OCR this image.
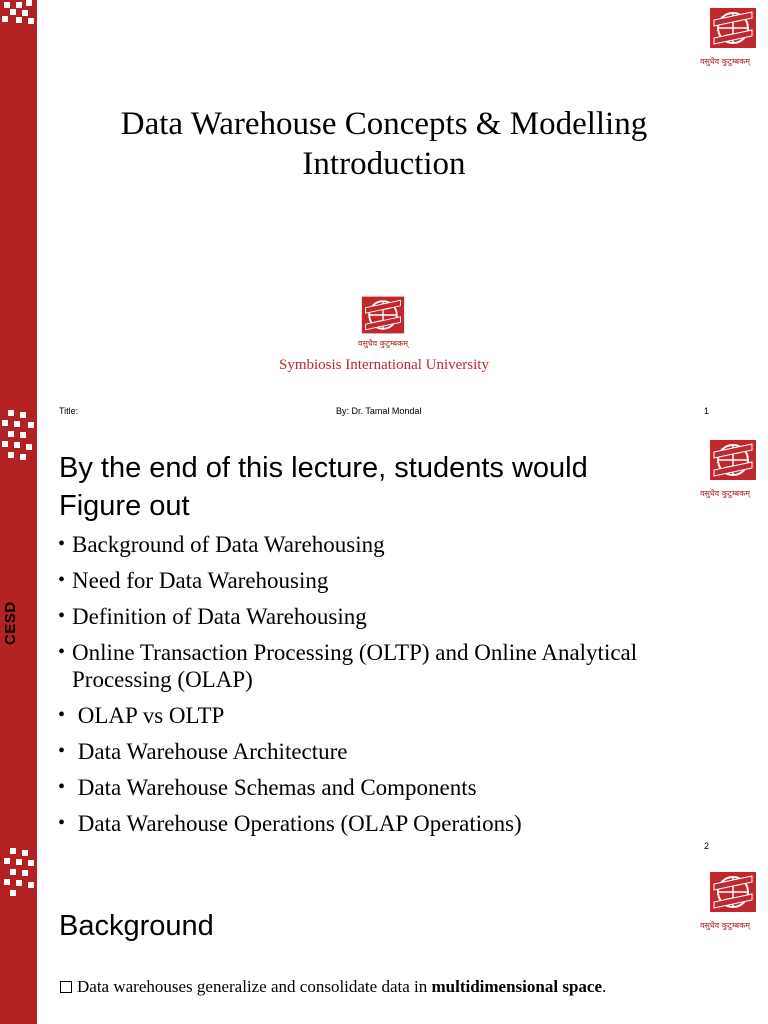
CESD
वसुधैव कुटुम्बकम्
Data Warehouse Concepts & Modelling
Introduction
वसुधैव कुटुम्बकम्
Symbiosis International University
Title:	By: Dr. Tamal Mondal	1
वसुधैव कुटुम्बकम्
By the end of this lecture, students would Figure out
• Background of Data Warehousing
• Need for Data Warehousing
• Definition of Data Warehousing
• Online Transaction Processing (OLTP) and Online Analytical Processing (OLAP)
•  OLAP vs OLTP
•  Data Warehouse Architecture
•  Data Warehouse Schemas and Components
•  Data Warehouse Operations (OLAP Operations)
2
वसुधैव कुटुम्बकम्
Background
Data warehouses generalize and consolidate data in multidimensional space.
